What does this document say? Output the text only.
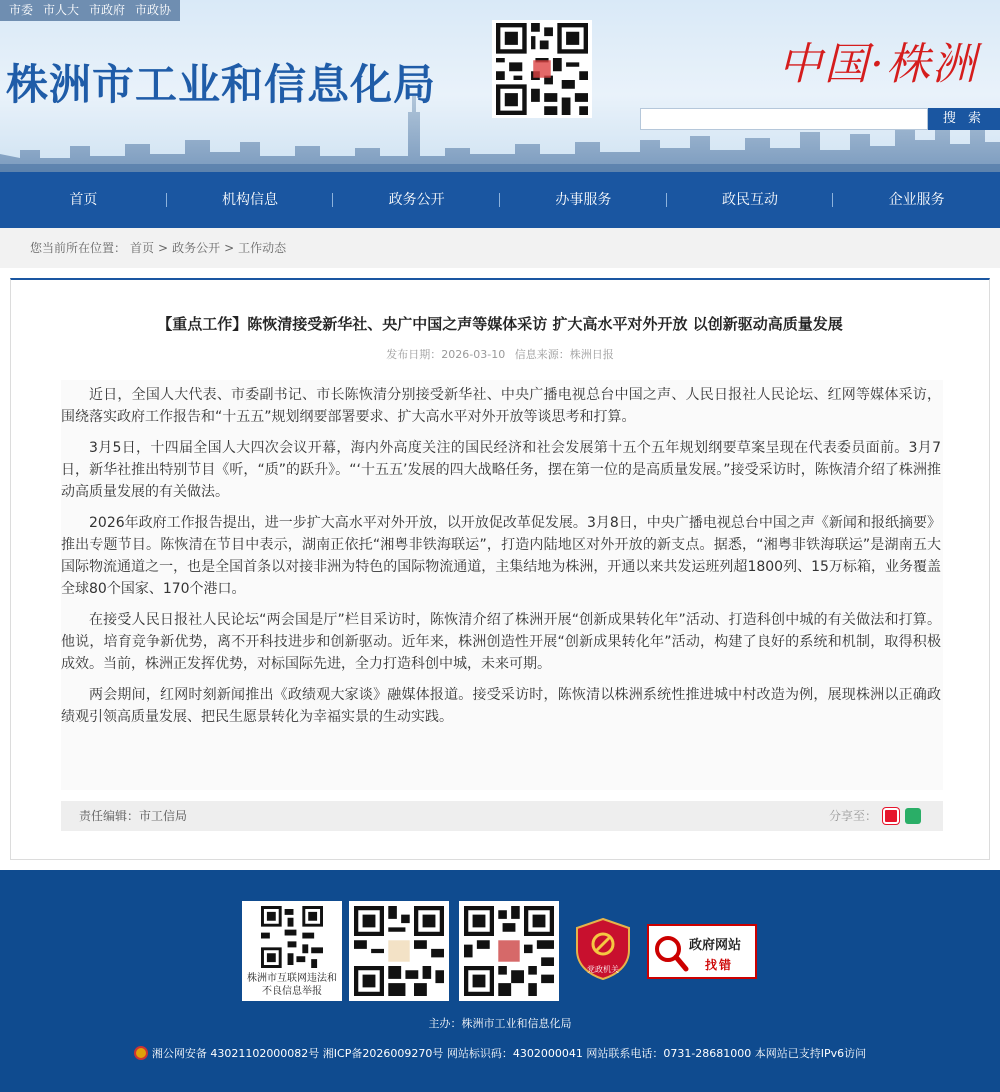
市委 市人大 市政府 市政协
株洲市工业和信息化局	中国·株洲
搜 索
首页	机构信息	政务公开	办事服务	政民互动	企业服务
您当前所在位置： 首页 > 政务公开 > 工作动态
【重点工作】陈恢清接受新华社、央广中国之声等媒体采访 扩大高水平对外开放 以创新驱动高质量发展
发布日期：2026-03-10 信息来源：株洲日报

近日，全国人大代表、市委副书记、市长陈恢清分别接受新华社、中央广播电视总台中国之声、人民日报社人民论坛、红网等媒体采访，围绕落实政府工作报告和“十五五”规划纲要部署要求、扩大高水平对外开放等谈思考和打算。

3月5日，十四届全国人大四次会议开幕，海内外高度关注的国民经济和社会发展第十五个五年规划纲要草案呈现在代表委员面前。3月7日，新华社推出特别节目《听，“质”的跃升》。“‘十五五’发展的四大战略任务，摆在第一位的是高质量发展。”接受采访时，陈恢清介绍了株洲推动高质量发展的有关做法。

2026年政府工作报告提出，进一步扩大高水平对外开放，以开放促改革促发展。3月8日，中央广播电视总台中国之声《新闻和报纸摘要》推出专题节目。陈恢清在节目中表示，湖南正依托“湘粤非铁海联运”，打造内陆地区对外开放的新支点。据悉，“湘粤非铁海联运”是湖南五大国际物流通道之一，也是全国首条以对接非洲为特色的国际物流通道，主集结地为株洲，开通以来共发运班列超1800列、15万标箱，业务覆盖全球80个国家、170个港口。

在接受人民日报社人民论坛“两会国是厅”栏目采访时，陈恢清介绍了株洲开展“创新成果转化年”活动、打造科创中城的有关做法和打算。他说，培育竞争新优势，离不开科技进步和创新驱动。近年来，株洲创造性开展“创新成果转化年”活动，构建了良好的系统和机制，取得积极成效。当前，株洲正发挥优势，对标国际先进，全力打造科创中城，未来可期。

两会期间，红网时刻新闻推出《政绩观大家谈》融媒体报道。接受采访时，陈恢清以株洲系统性推进城中村改造为例，展现株洲以正确政绩观引领高质量发展、把民生愿景转化为幸福实景的生动实践。

责任编辑：市工信局	分享至：
株洲市互联网违法和不良信息举报
党政机关
政府网站
找错
主办：株洲市工业和信息化局
湘公网安备 43021102000082号 湘ICP备2026009270号 网站标识码：4302000041 网站联系电话：0731-28681000 本网站已支持IPv6访问
